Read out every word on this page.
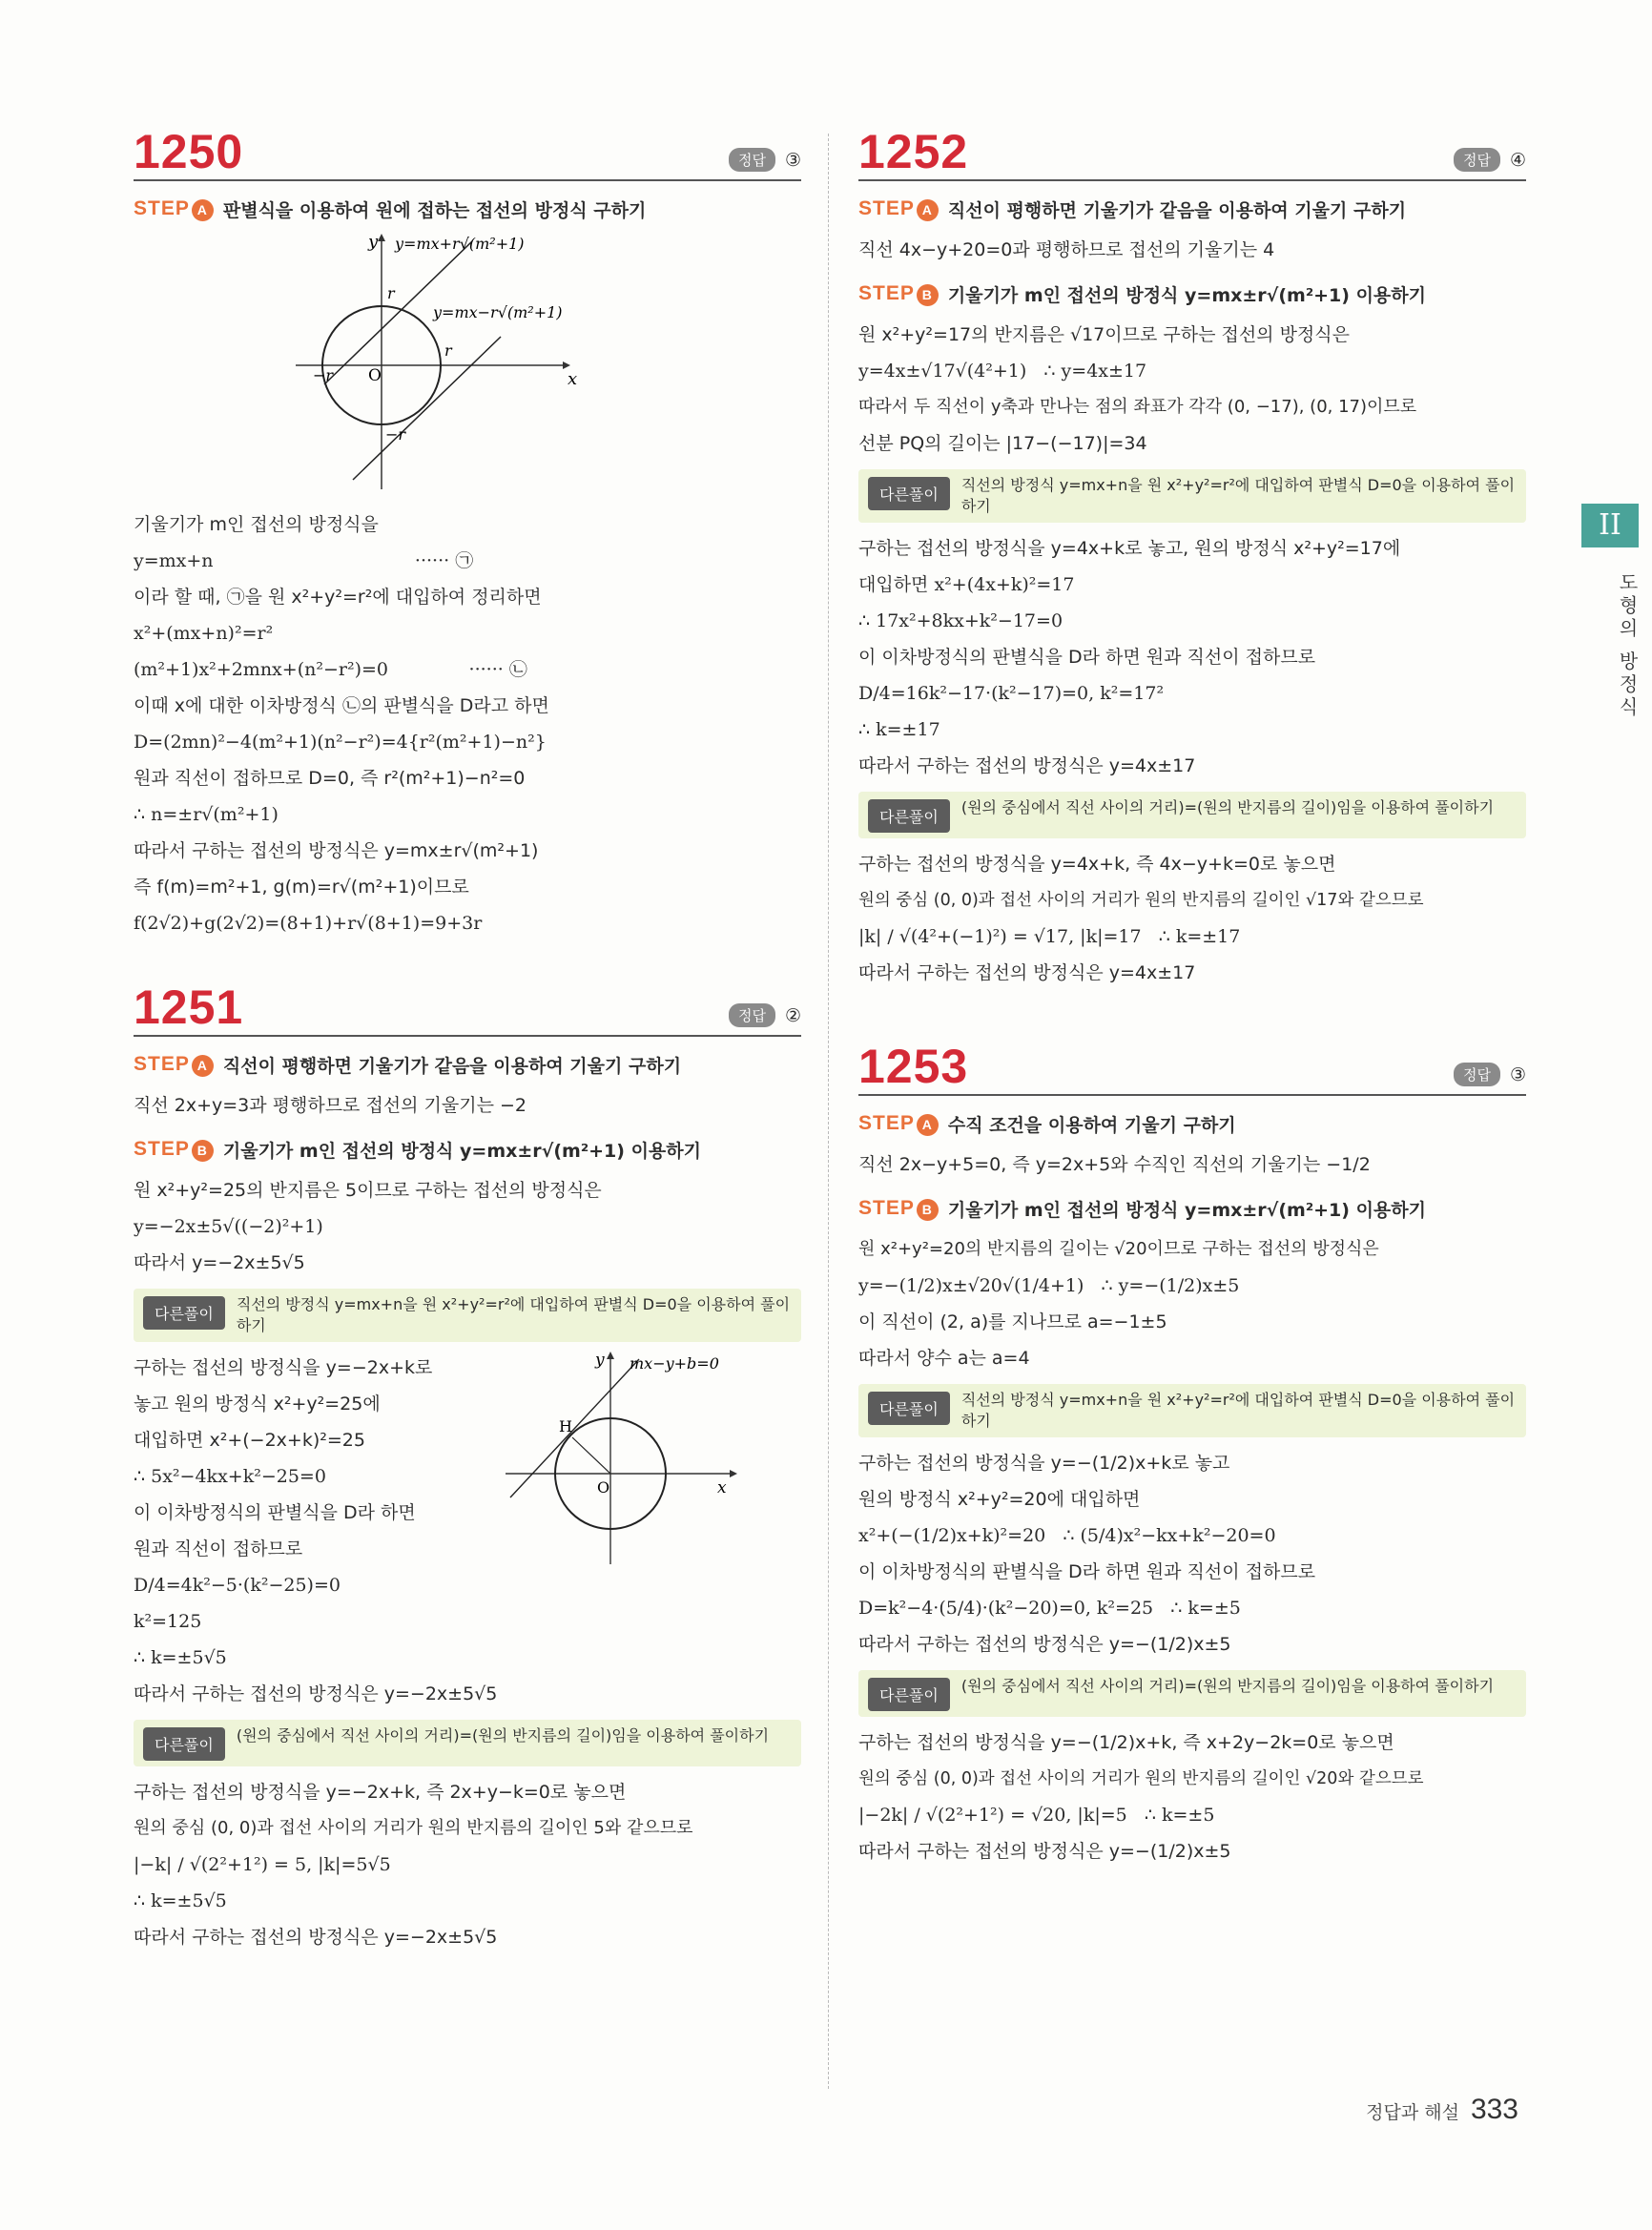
1250	정답	③
STEP A 판별식을 이용하여 원에 접하는 접선의 방정식 구하기
O	x
y
r
r
−r
−r
y=mx+r√(m²+1)
y=mx−r√(m²+1)
기울기가 m인 접선의 방정식을
y=mx+n                                   ······ ㉠
이라 할 때, ㉠을 원 x²+y²=r²에 대입하여 정리하면
x²+(mx+n)²=r²
(m²+1)x²+2mnx+(n²−r²)=0              ······ ㉡
이때 x에 대한 이차방정식 ㉡의 판별식을 D라고 하면
D=(2mn)²−4(m²+1)(n²−r²)=4{r²(m²+1)−n²}
원과 직선이 접하므로 D=0, 즉 r²(m²+1)−n²=0
∴ n=±r√(m²+1)
따라서 구하는 접선의 방정식은 y=mx±r√(m²+1)
즉 f(m)=m²+1, g(m)=r√(m²+1)이므로
f(2√2)+g(2√2)=(8+1)+r√(8+1)=9+3r
1251	정답	②
STEP A 직선이 평행하면 기울기가 같음을 이용하여 기울기 구하기
직선 2x+y=3과 평행하므로 접선의 기울기는 −2
STEP B 기울기가 m인 접선의 방정식 y=mx±r√(m²+1) 이용하기
원 x²+y²=25의 반지름은 5이므로 구하는 접선의 방정식은
y=−2x±5√((−2)²+1)
따라서 y=−2x±5√5
다른풀이
직선의 방정식 y=mx+n을 원 x²+y²=r²에 대입하여 판별식 D=0을 이용하여 풀이하기
O
H
x
y mx−y+b=0
구하는 접선의 방정식을 y=−2x+k로
놓고 원의 방정식 x²+y²=25에
대입하면 x²+(−2x+k)²=25
∴ 5x²−4kx+k²−25=0
이 이차방정식의 판별식을 D라 하면
원과 직선이 접하므로
D/4=4k²−5·(k²−25)=0
k²=125
∴ k=±5√5
따라서 구하는 접선의 방정식은 y=−2x±5√5
다른풀이
(원의 중심에서 직선 사이의 거리)=(원의 반지름의 길이)임을 이용하여 풀이하기
구하는 접선의 방정식을 y=−2x+k, 즉 2x+y−k=0로 놓으면
원의 중심 (0, 0)과 접선 사이의 거리가 원의 반지름의 길이인 5와 같으므로
|−k| / √(2²+1²) = 5, |k|=5√5
∴ k=±5√5
따라서 구하는 접선의 방정식은 y=−2x±5√5
1252	정답	④
STEP A 직선이 평행하면 기울기가 같음을 이용하여 기울기 구하기
직선 4x−y+20=0과 평행하므로 접선의 기울기는 4
STEP B 기울기가 m인 접선의 방정식 y=mx±r√(m²+1) 이용하기
원 x²+y²=17의 반지름은 √17이므로 구하는 접선의 방정식은
y=4x±√17√(4²+1)   ∴ y=4x±17
따라서 두 직선이 y축과 만나는 점의 좌표가 각각 (0, −17), (0, 17)이므로
선분 PQ의 길이는 |17−(−17)|=34
다른풀이
직선의 방정식 y=mx+n을 원 x²+y²=r²에 대입하여 판별식 D=0을 이용하여 풀이하기
구하는 접선의 방정식을 y=4x+k로 놓고, 원의 방정식 x²+y²=17에
대입하면 x²+(4x+k)²=17
∴ 17x²+8kx+k²−17=0
이 이차방정식의 판별식을 D라 하면 원과 직선이 접하므로
D/4=16k²−17·(k²−17)=0, k²=17²
∴ k=±17
따라서 구하는 접선의 방정식은 y=4x±17
다른풀이
(원의 중심에서 직선 사이의 거리)=(원의 반지름의 길이)임을 이용하여 풀이하기
구하는 접선의 방정식을 y=4x+k, 즉 4x−y+k=0로 놓으면
원의 중심 (0, 0)과 접선 사이의 거리가 원의 반지름의 길이인 √17와 같으므로
|k| / √(4²+(−1)²) = √17, |k|=17   ∴ k=±17
따라서 구하는 접선의 방정식은 y=4x±17
1253	정답	③
STEP A 수직 조건을 이용하여 기울기 구하기
직선 2x−y+5=0, 즉 y=2x+5와 수직인 직선의 기울기는 −1/2
STEP B 기울기가 m인 접선의 방정식 y=mx±r√(m²+1) 이용하기
원 x²+y²=20의 반지름의 길이는 √20이므로 구하는 접선의 방정식은
y=−(1/2)x±√20√(1/4+1)   ∴ y=−(1/2)x±5
이 직선이 (2, a)를 지나므로 a=−1±5
따라서 양수 a는 a=4
다른풀이
직선의 방정식 y=mx+n을 원 x²+y²=r²에 대입하여 판별식 D=0을 이용하여 풀이하기
구하는 접선의 방정식을 y=−(1/2)x+k로 놓고
원의 방정식 x²+y²=20에 대입하면
x²+(−(1/2)x+k)²=20   ∴ (5/4)x²−kx+k²−20=0
이 이차방정식의 판별식을 D라 하면 원과 직선이 접하므로
D=k²−4·(5/4)·(k²−20)=0, k²=25   ∴ k=±5
따라서 구하는 접선의 방정식은 y=−(1/2)x±5
다른풀이
(원의 중심에서 직선 사이의 거리)=(원의 반지름의 길이)임을 이용하여 풀이하기
구하는 접선의 방정식을 y=−(1/2)x+k, 즉 x+2y−2k=0로 놓으면
원의 중심 (0, 0)과 접선 사이의 거리가 원의 반지름의 길이인 √20와 같으므로
|−2k| / √(2²+1²) = √20, |k|=5   ∴ k=±5
따라서 구하는 접선의 방정식은 y=−(1/2)x±5
II
도형의 방정식
정답과 해설 333
